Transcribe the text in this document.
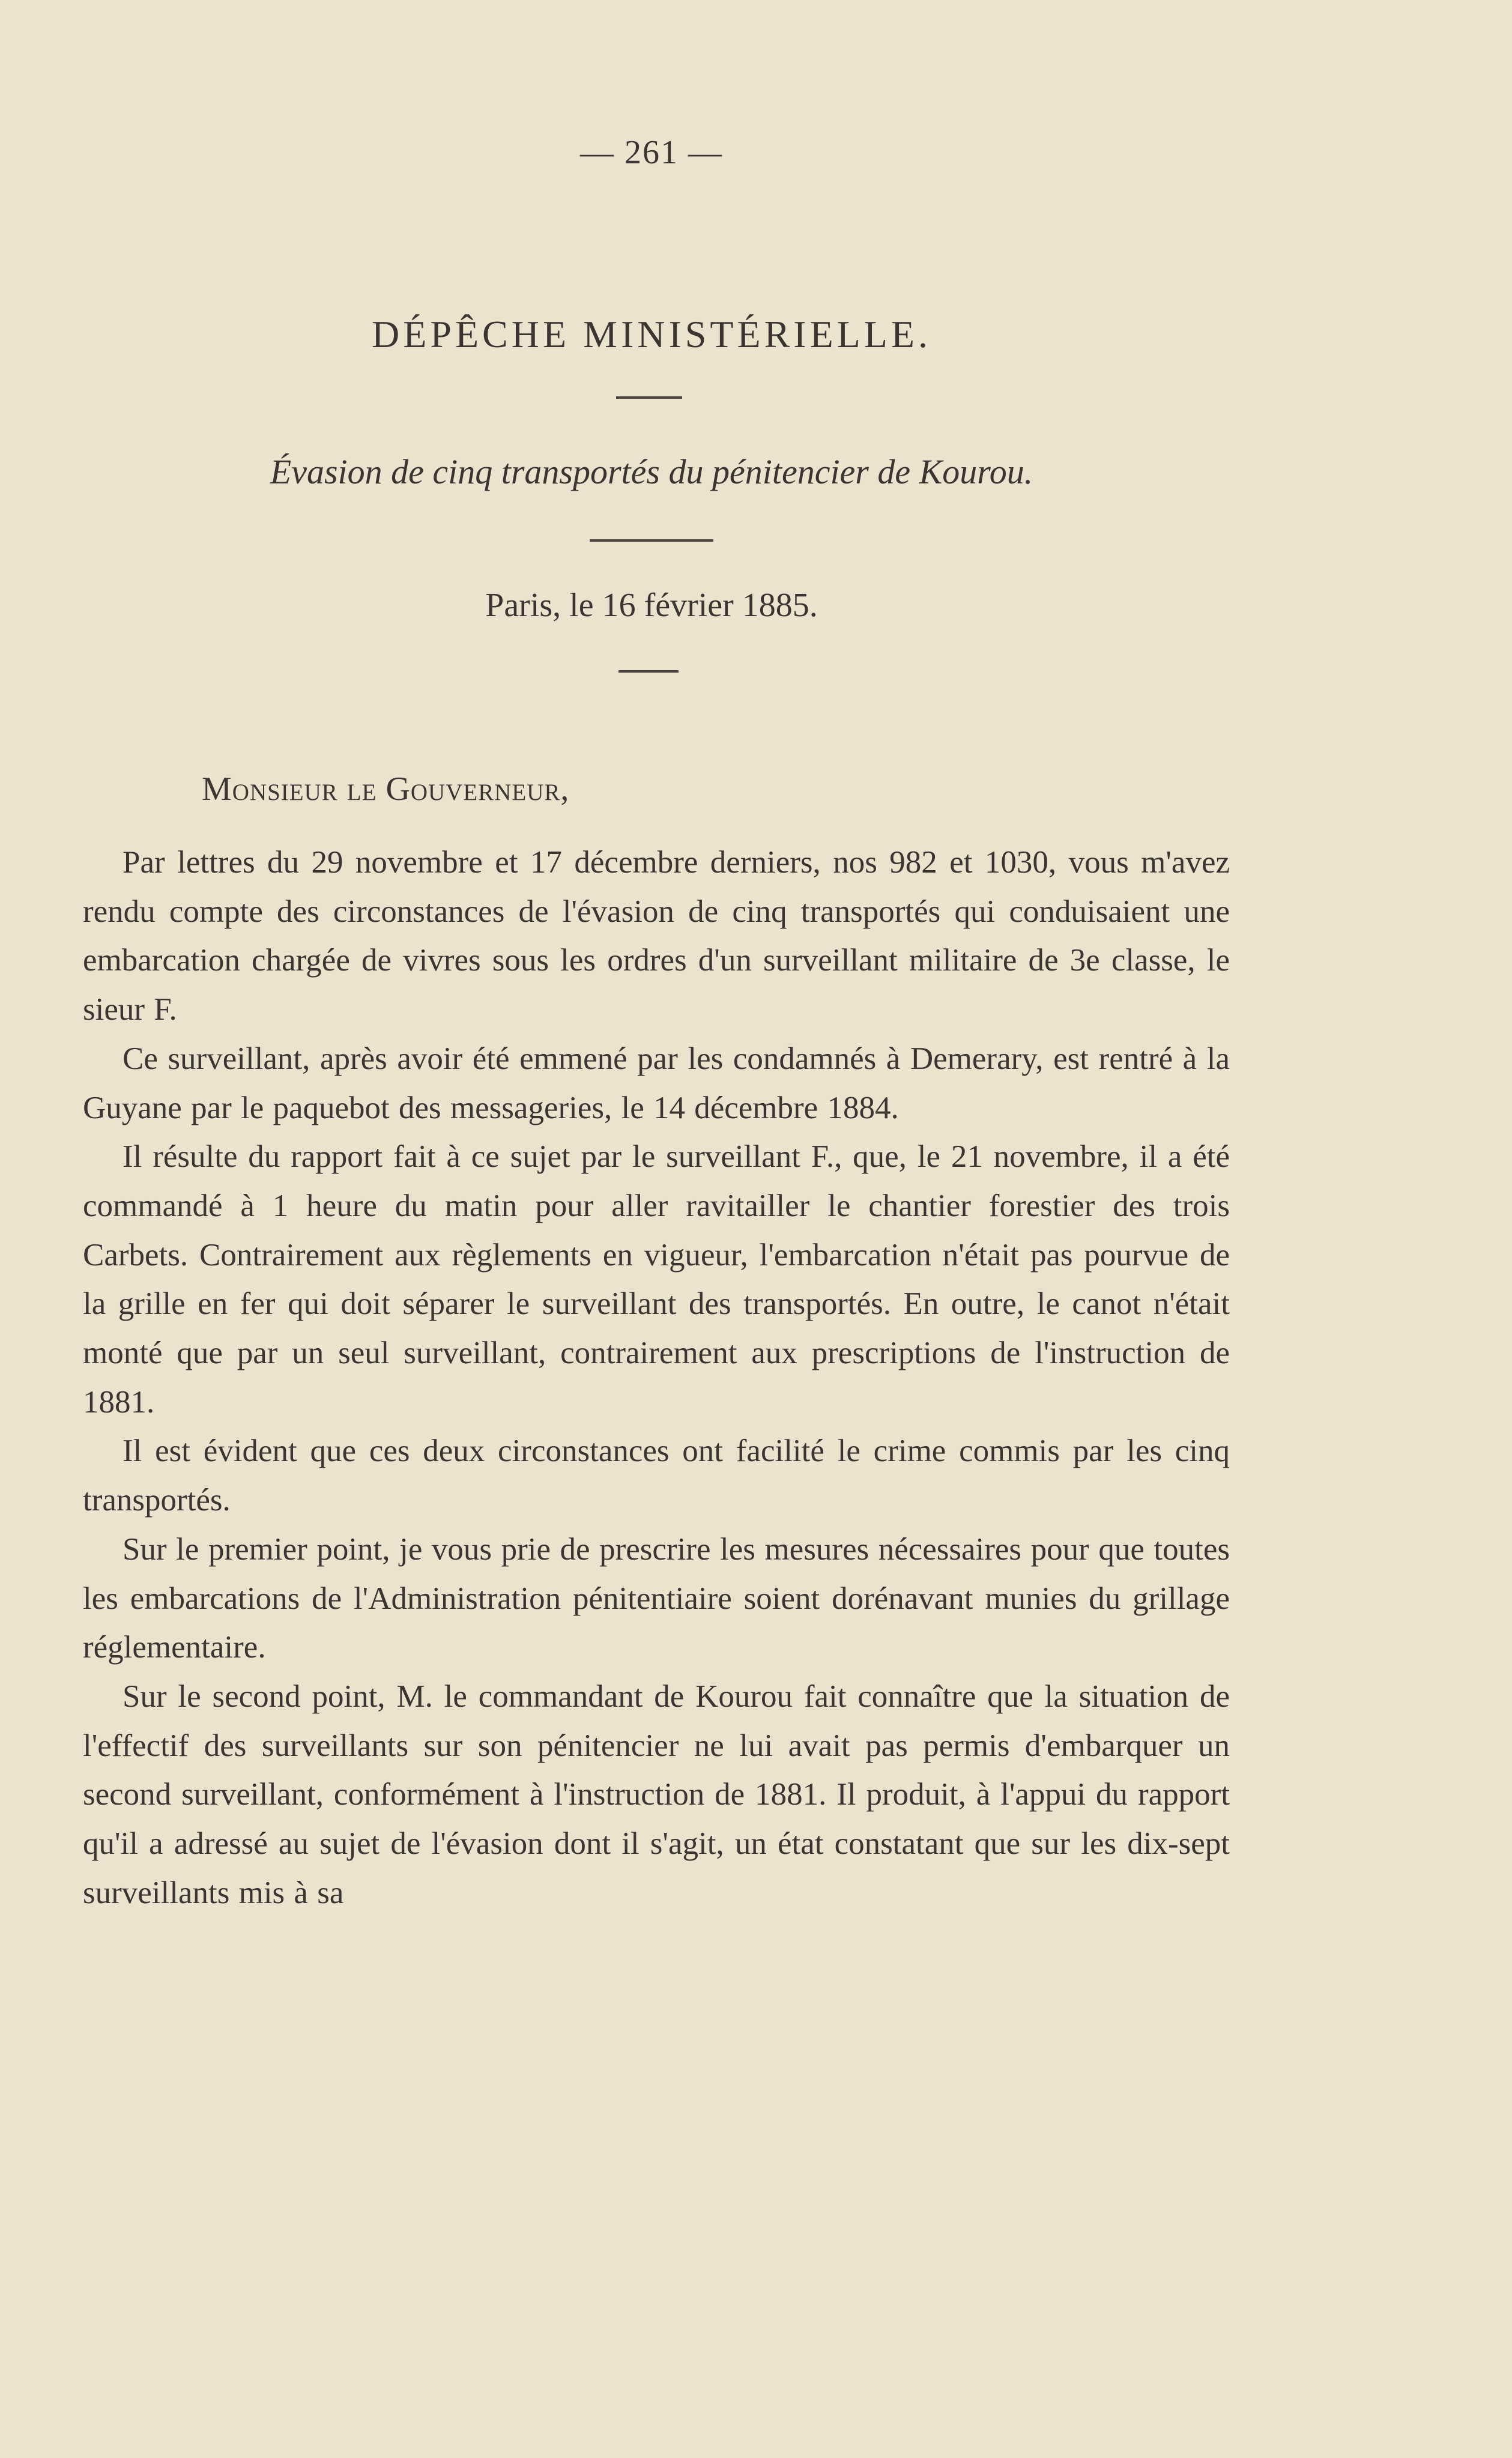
— 261 —
DÉPÊCHE MINISTÉRIELLE.
Évasion de cinq transportés du pénitencier de Kourou.
Paris, le 16 février 1885.
Monsieur le Gouverneur,

Par lettres du 29 novembre et 17 décembre derniers, nos 982 et 1030, vous m'avez rendu compte des circonstances de l'évasion de cinq transportés qui conduisaient une embarcation chargée de vivres sous les ordres d'un surveillant militaire de 3e classe, le sieur F.

Ce surveillant, après avoir été emmené par les condamnés à Demerary, est rentré à la Guyane par le paquebot des messageries, le 14 décembre 1884.

Il résulte du rapport fait à ce sujet par le surveillant F., que, le 21 novembre, il a été commandé à 1 heure du matin pour aller ravitailler le chantier forestier des trois Carbets. Contrairement aux règlements en vigueur, l'embarcation n'était pas pourvue de la grille en fer qui doit séparer le surveillant des transportés. En outre, le canot n'était monté que par un seul surveillant, contrairement aux prescriptions de l'instruction de 1881.

Il est évident que ces deux circonstances ont facilité le crime commis par les cinq transportés.

Sur le premier point, je vous prie de prescrire les mesures nécessaires pour que toutes les embarcations de l'Administration pénitentiaire soient dorénavant munies du grillage réglementaire.

Sur le second point, M. le commandant de Kourou fait connaître que la situation de l'effectif des surveillants sur son pénitencier ne lui avait pas permis d'embarquer un second surveillant, conformément à l'instruction de 1881. Il produit, à l'appui du rapport qu'il a adressé au sujet de l'évasion dont il s'agit, un état constatant que sur les dix-sept surveillants mis à sa
